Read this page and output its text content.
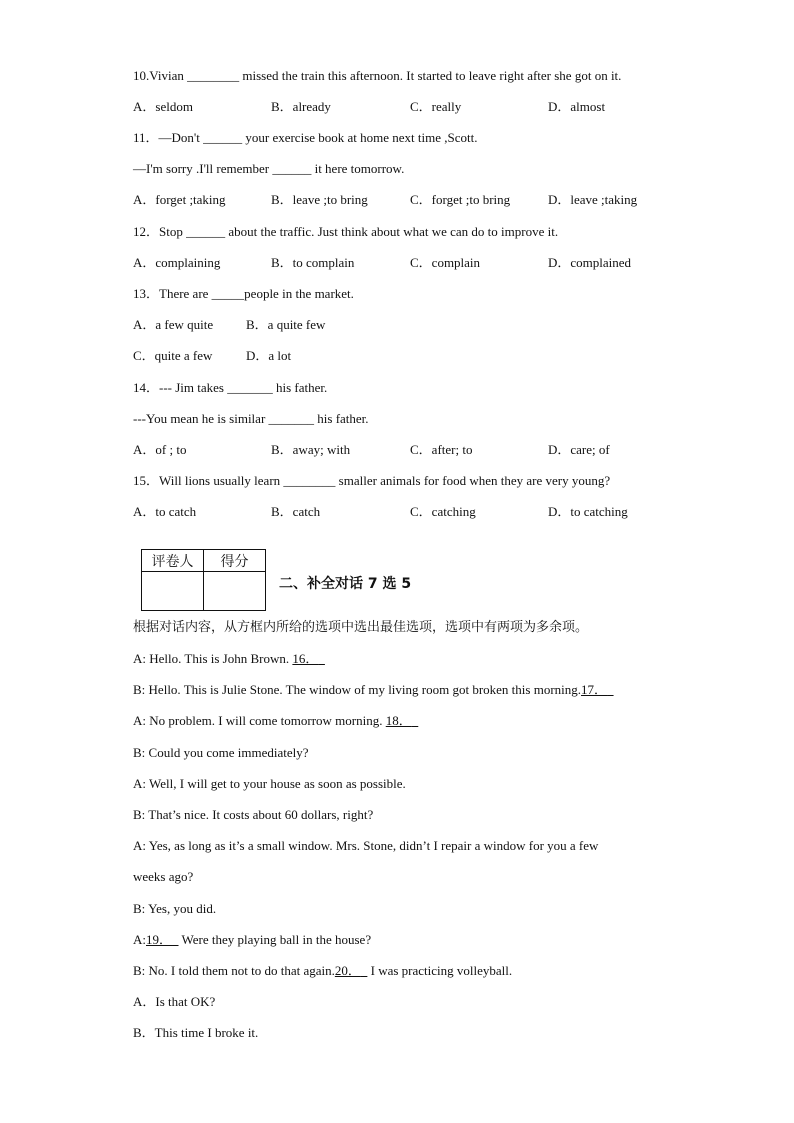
10.Vivian ________ missed the train this afternoon. It started to leave right after she got on it.
A．seldom	B．already	C．really	D．almost
11．—Don't ______ your exercise book at home next time ,Scott.
—I'm sorry .I'll remember ______ it here tomorrow.
A．forget ;taking	B．leave ;to bring	C．forget ;to bring	D．leave ;taking
12．Stop ______ about the traffic. Just think about what we can do to improve it.
A．complaining	B．to complain	C．complain	D．complained
13．There are _____people in the market.
A．a few quite	B．a quite few
C．quite a few	D．a lot
14．--- Jim takes _______ his father.
---You mean he is similar _______ his father.
A．of ; to	B．away; with	C．after; to	D．care; of
15．Will lions usually learn ________ smaller animals for food when they are very young?
A．to catch	B．catch	C．catching	D．to catching
评卷人	得分

二、补全对话 7 选 5
根据对话内容，从方框内所给的选项中选出最佳选项，选项中有两项为多余项。
A: Hello. This is John Brown. 16．
B: Hello. This is Julie Stone. The window of my living room got broken this morning.17．
A: No problem. I will come tomorrow morning. 18．
B: Could you come immediately?
A: Well, I will get to your house as soon as possible.
B: That’s nice. It costs about 60 dollars, right?
A: Yes, as long as it’s a small window. Mrs. Stone, didn’t I repair a window for you a few
weeks ago?
B: Yes, you did.
A:19．   Were they playing ball in the house?
B: No. I told them not to do that again.20．   I was practicing volleyball.
A．Is that OK?
B．This time I broke it.
